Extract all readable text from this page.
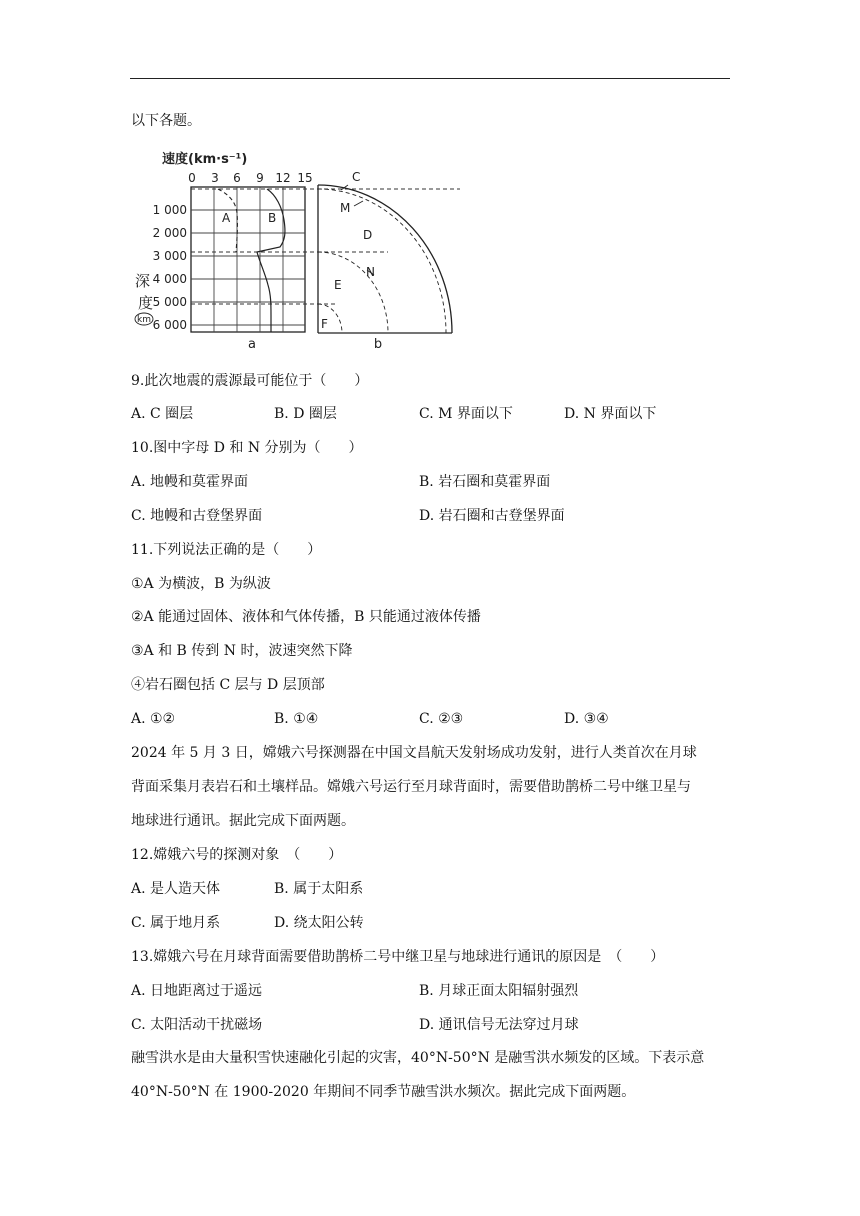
以下各题。
速度(km·s⁻¹)
0 3 6 9 12 15
A	B
1 000
2 000
3 000
4 000
5 000
6 000
深
度
km
a
C
M
D
N
E
F
b
9.此次地震的震源最可能位于（　　）
A. C 圈层	B. D 圈层	C. M 界面以下	D. N 界面以下
10.图中字母 D 和 N 分别为（　　）
A. 地幔和莫霍界面	B. 岩石圈和莫霍界面
C. 地幔和古登堡界面	D. 岩石圈和古登堡界面
11.下列说法正确的是（　　）
①A 为横波，B 为纵波
②A 能通过固体、液体和气体传播，B 只能通过液体传播
③A 和 B 传到 N 时，波速突然下降
④岩石圈包括 C 层与 D 层顶部
A. ①②	B. ①④	C. ②③	D. ③④
2024 年 5 月 3 日，嫦娥六号探测器在中国文昌航天发射场成功发射，进行人类首次在月球
背面采集月表岩石和土壤样品。嫦娥六号运行至月球背面时，需要借助鹊桥二号中继卫星与
地球进行通讯。据此完成下面两题。
12.嫦娥六号的探测对象　（　　）
A. 是人造天体	B. 属于太阳系
C. 属于地月系	D. 绕太阳公转
13.嫦娥六号在月球背面需要借助鹊桥二号中继卫星与地球进行通讯的原因是　（　　）
A. 日地距离过于遥远	B. 月球正面太阳辐射强烈
C. 太阳活动干扰磁场	D. 通讯信号无法穿过月球
融雪洪水是由大量积雪快速融化引起的灾害，40°N-50°N 是融雪洪水频发的区域。下表示意
40°N-50°N 在 1900-2020 年期间不同季节融雪洪水频次。据此完成下面两题。
